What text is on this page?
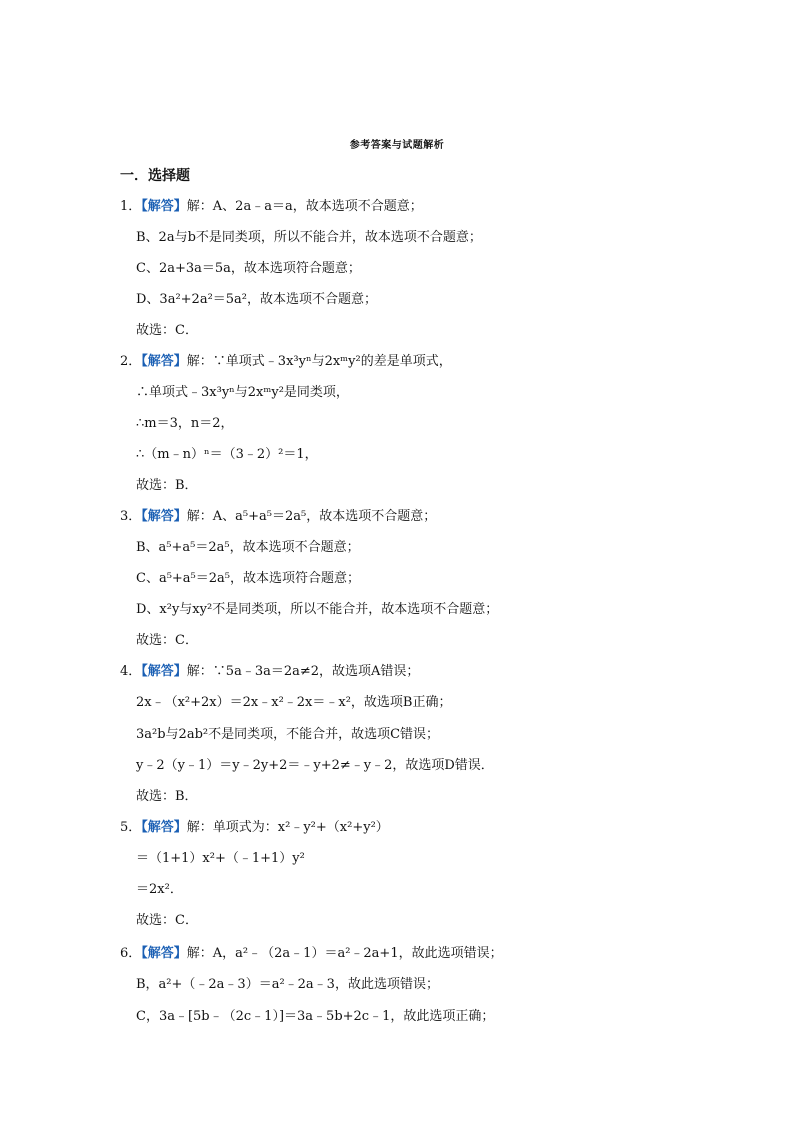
参考答案与试题解析
一．选择题
1．【解答】解：A、2a﹣a＝a，故本选项不合题意；
B、2a与b不是同类项，所以不能合并，故本选项不合题意；
C、2a+3a＝5a，故本选项符合题意；
D、3a²+2a²＝5a²，故本选项不合题意；
故选：C．
2．【解答】解：∵单项式﹣3x³yⁿ与2xᵐy²的差是单项式，
∴单项式﹣3x³yⁿ与2xᵐy²是同类项，
∴m＝3，n＝2，
∴（m﹣n）ⁿ＝（3﹣2）²＝1，
故选：B．
3．【解答】解：A、a⁵+a⁵＝2a⁵，故本选项不合题意；
B、a⁵+a⁵＝2a⁵，故本选项不合题意；
C、a⁵+a⁵＝2a⁵，故本选项符合题意；
D、x²y与xy²不是同类项，所以不能合并，故本选项不合题意；
故选：C．
4．【解答】解：∵5a﹣3a＝2a≠2，故选项A错误；
2x﹣（x²+2x）＝2x﹣x²﹣2x＝﹣x²，故选项B正确；
3a²b与2ab²不是同类项，不能合并，故选项C错误；
y﹣2（y﹣1）＝y﹣2y+2＝﹣y+2≠﹣y﹣2，故选项D错误．
故选：B．
5．【解答】解：单项式为：x²﹣y²+（x²+y²）
＝（1+1）x²+（﹣1+1）y²
＝2x²．
故选：C．
6．【解答】解：A，a²﹣（2a﹣1）＝a²﹣2a+1，故此选项错误；
B，a²+（﹣2a﹣3）＝a²﹣2a﹣3，故此选项错误；
C，3a﹣[5b﹣（2c﹣1）]＝3a﹣5b+2c﹣1，故此选项正确；
